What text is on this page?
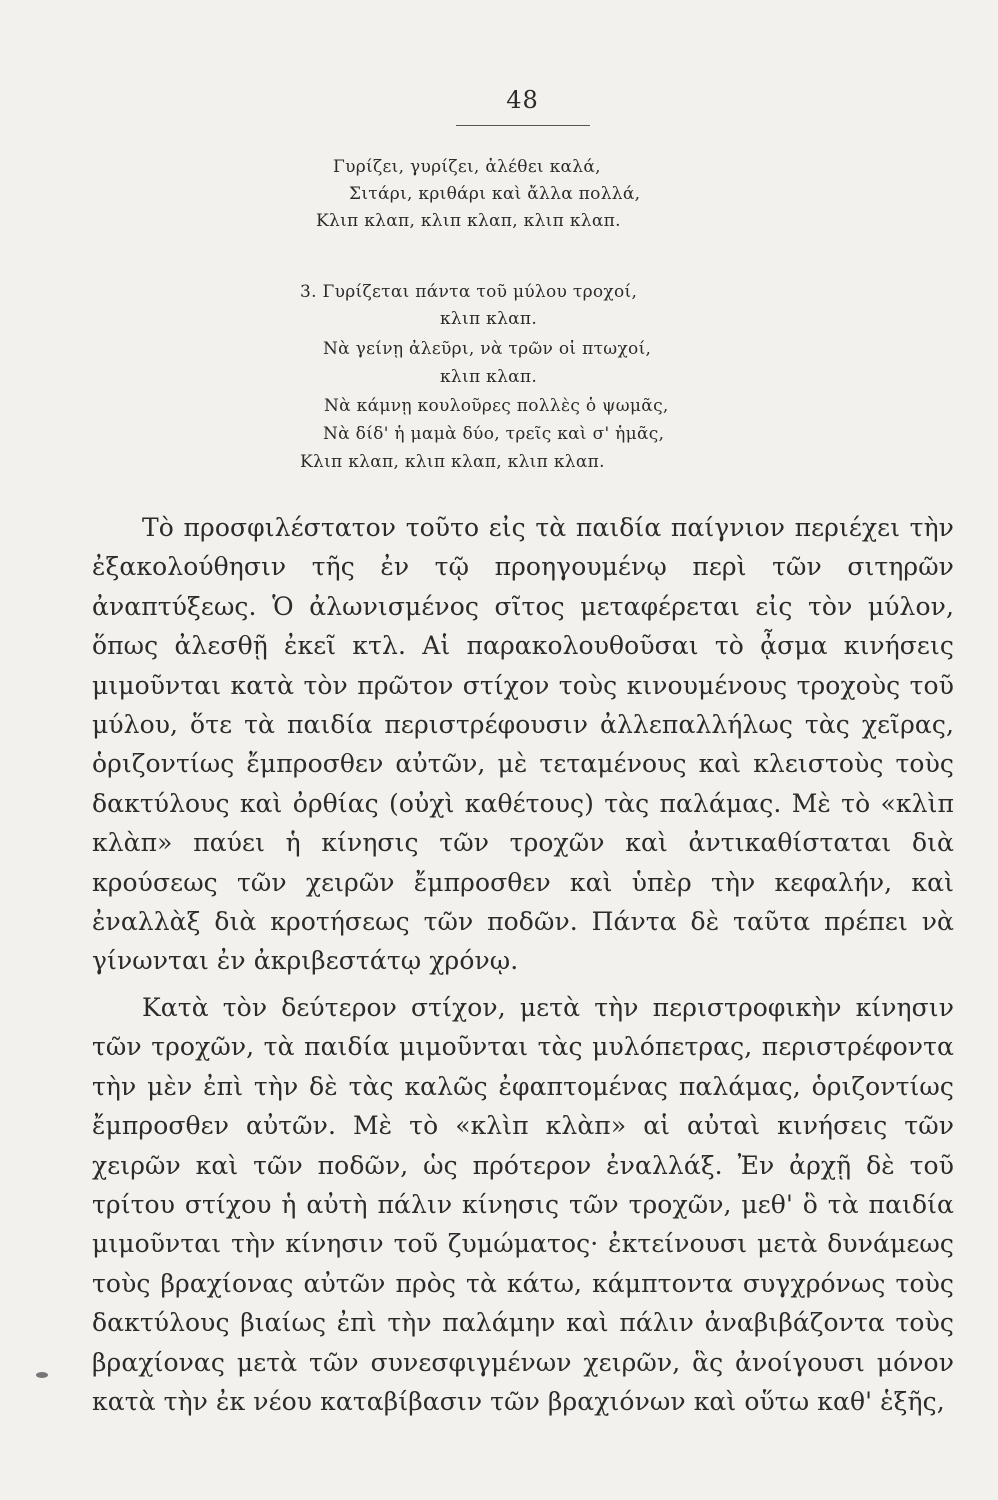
48
Γυρίζει, γυρίζει, ἀλέθει καλά,
Σιτάρι, κριθάρι καὶ ἄλλα πολλά,
Κλιπ κλαπ, κλιπ κλαπ, κλιπ κλαπ.
3. Γυρίζεται πάντα τοῦ μύλου τροχοί,
κλιπ κλαπ.
Νὰ γείνῃ ἀλεῦρι, νὰ τρῶν οἱ πτωχοί,
κλιπ κλαπ.
Νὰ κάμνῃ κουλοῦρες πολλὲς ὁ ψωμᾶς,
Νὰ δίδ' ἡ μαμὰ δύο, τρεῖς καὶ σ' ἡμᾶς,
Κλιπ κλαπ, κλιπ κλαπ, κλιπ κλαπ.

Τὸ προσφιλέστατον τοῦτο εἰς τὰ παιδία παίγνιον περιέχει τὴν ἐξακολούθησιν τῆς ἐν τῷ προηγουμένῳ περὶ τῶν σιτηρῶν ἀναπτύξεως. Ὁ ἀλωνισμένος σῖτος μεταφέρεται εἰς τὸν μύλον, ὅπως ἀλεσθῇ ἐκεῖ κτλ. Αἱ παρακολουθοῦσαι τὸ ᾆσμα κινήσεις μιμοῦνται κατὰ τὸν πρῶτον στίχον τοὺς κινουμένους τροχοὺς τοῦ μύλου, ὅτε τὰ παιδία περιστρέφουσιν ἀλλεπαλλήλως τὰς χεῖρας, ὁριζοντίως ἔμπροσθεν αὐτῶν, μὲ τεταμένους καὶ κλειστοὺς τοὺς δακτύλους καὶ ὀρθίας (οὐχὶ καθέτους) τὰς παλάμας. Μὲ τὸ «κλὶπ κλὰπ» παύει ἡ κίνησις τῶν τροχῶν καὶ ἀντικαθίσταται διὰ κρούσεως τῶν χειρῶν ἔμπροσθεν καὶ ὑπὲρ τὴν κεφαλήν, καὶ ἐναλλὰξ διὰ κροτήσεως τῶν ποδῶν. Πάντα δὲ ταῦτα πρέπει νὰ γίνωνται ἐν ἀκριβεστάτῳ χρόνῳ.

Κατὰ τὸν δεύτερον στίχον, μετὰ τὴν περιστροφικὴν κίνησιν τῶν τροχῶν, τὰ παιδία μιμοῦνται τὰς μυλόπετρας, περιστρέφοντα τὴν μὲν ἐπὶ τὴν δὲ τὰς καλῶς ἐφαπτομένας παλάμας, ὁριζοντίως ἔμπροσθεν αὐτῶν. Μὲ τὸ «κλὶπ κλὰπ» αἱ αὐταὶ κινήσεις τῶν χειρῶν καὶ τῶν ποδῶν, ὡς πρότερον ἐναλλάξ. Ἐν ἀρχῇ δὲ τοῦ τρίτου στίχου ἡ αὐτὴ πάλιν κίνησις τῶν τροχῶν, μεθ' ὃ τὰ παιδία μιμοῦνται τὴν κίνησιν τοῦ ζυμώματος· ἐκτείνουσι μετὰ δυνάμεως τοὺς βραχίονας αὐτῶν πρὸς τὰ κάτω, κάμπτοντα συγχρόνως τοὺς δακτύλους βιαίως ἐπὶ τὴν παλάμην καὶ πάλιν ἀναβιβάζοντα τοὺς βραχίονας μετὰ τῶν συνεσφιγμένων χειρῶν, ἃς ἀνοίγουσι μόνον κατὰ τὴν ἐκ νέου καταβίβασιν τῶν βραχιόνων καὶ οὕτω καθ' ἑξῆς,
